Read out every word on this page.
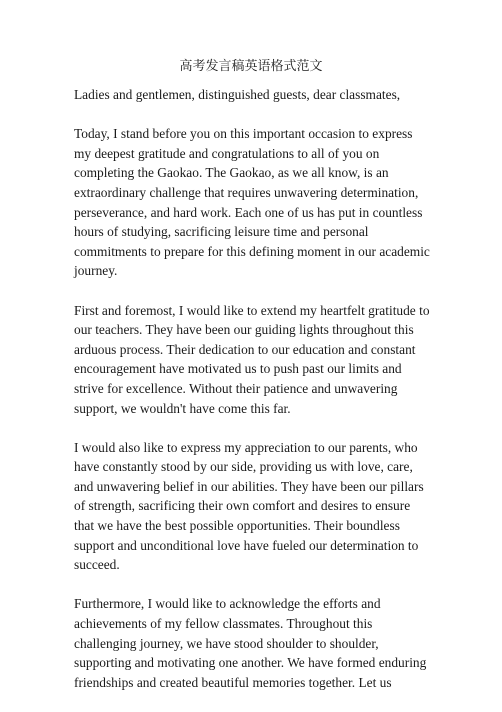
高考发言稿英语格式范文

Ladies and gentlemen, distinguished guests, dear classmates,

Today, I stand before you on this important occasion to express my deepest gratitude and congratulations to all of you on completing the Gaokao. The Gaokao, as we all know, is an extraordinary challenge that requires unwavering determination, perseverance, and hard work. Each one of us has put in countless hours of studying, sacrificing leisure time and personal commitments to prepare for this defining moment in our academic journey.

First and foremost, I would like to extend my heartfelt gratitude to our teachers. They have been our guiding lights throughout this arduous process. Their dedication to our education and constant encouragement have motivated us to push past our limits and strive for excellence. Without their patience and unwavering support, we wouldn't have come this far.

I would also like to express my appreciation to our parents, who have constantly stood by our side, providing us with love, care, and unwavering belief in our abilities. They have been our pillars of strength, sacrificing their own comfort and desires to ensure that we have the best possible opportunities. Their boundless support and unconditional love have fueled our determination to succeed.

Furthermore, I would like to acknowledge the efforts and achievements of my fellow classmates. Throughout this challenging journey, we have stood shoulder to shoulder, supporting and motivating one another. We have formed enduring friendships and created beautiful memories together. Let us
